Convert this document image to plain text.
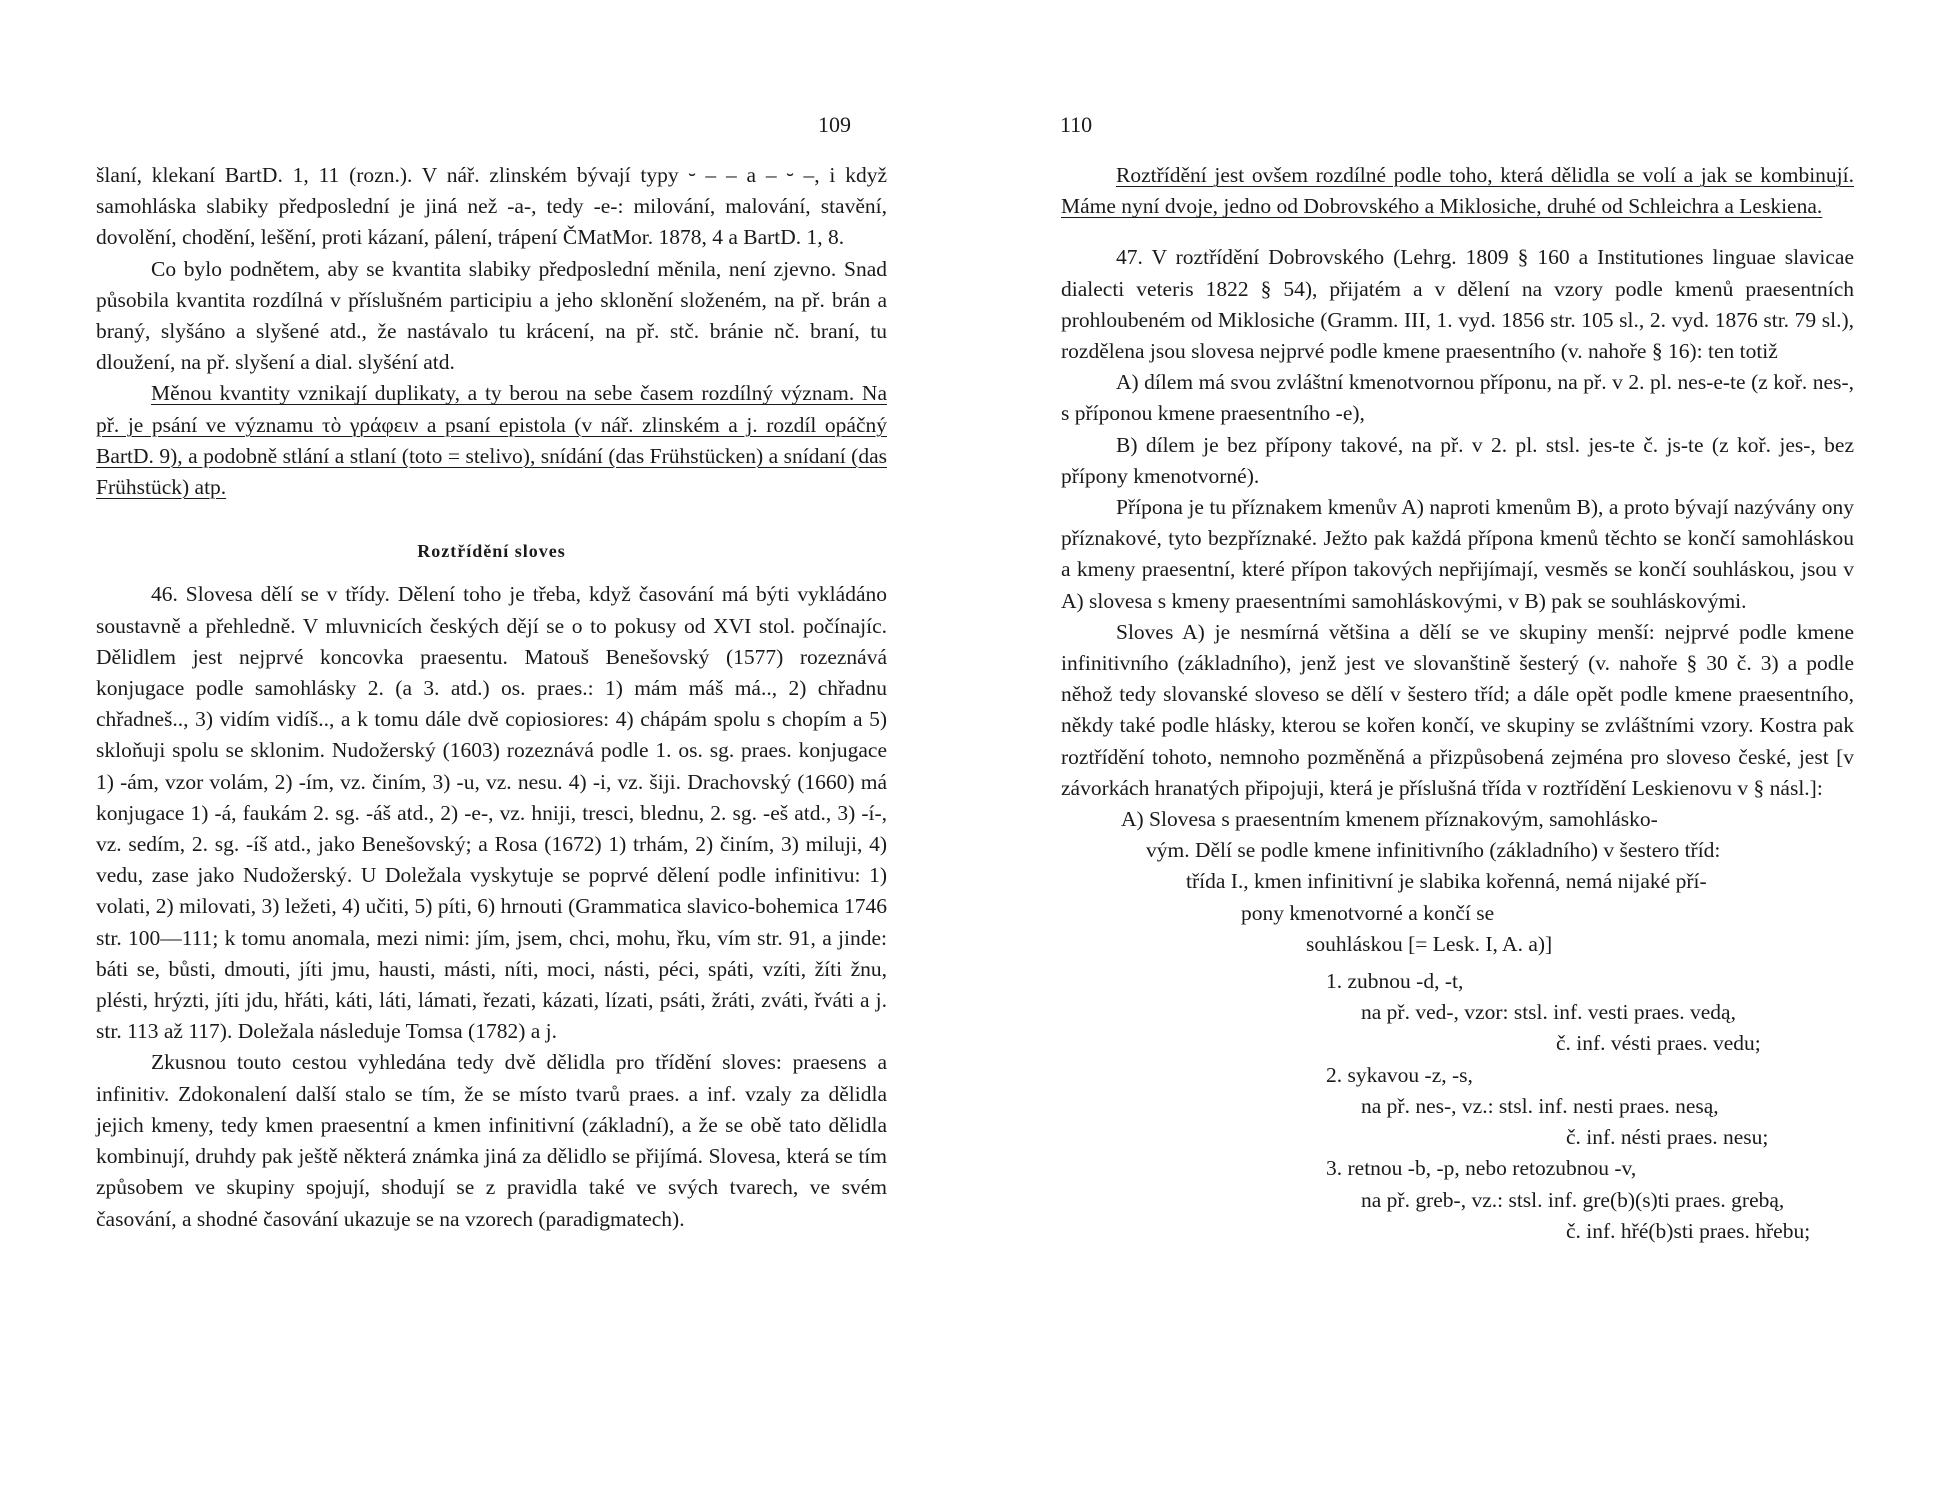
109

šlaní, klekaní BartD. 1, 11 (rozn.). V nář. zlinském bývají typy ⏑ – – a – ⏑ –, i když samohláska slabiky předposlední je jiná než -a-, tedy -e-: milování, malování, stavění, dovolění, chodění, lešění, proti kázaní, pálení, trápení ČMatMor. 1878, 4 a BartD. 1, 8.

Co bylo podnětem, aby se kvantita slabiky předposlední měnila, není zjevno. Snad působila kvantita rozdílná v příslušném participiu a jeho sklonění složeném, na př. brán a braný, slyšáno a slyšené atd., že nastávalo tu krácení, na př. stč. bránie nč. braní, tu dloužení, na př. slyšení a dial. slyšéní atd.

Měnou kvantity vznikají duplikaty, a ty berou na sebe časem rozdílný význam. Na př. je psání ve významu τὸ γράφειν a psaní epistola (v nář. zlinském a j. rozdíl opáčný BartD. 9), a podobně stlání a stlaní (toto = stelivo), snídání (das Frühstücken) a snídaní (das Frühstück) atp.

Roztřídění sloves

46. Slovesa dělí se v třídy. Dělení toho je třeba, když časování má býti vykládáno soustavně a přehledně. V mluvnicích českých dějí se o to pokusy od XVI stol. počínajíc. Dělidlem jest nejprvé koncovka praesentu. Matouš Benešovský (1577) rozeznává konjugace podle samohlásky 2. (a 3. atd.) os. praes.: 1) mám máš má.., 2) chřadnu chřadneš.., 3) vidím vidíš.., a k tomu dále dvě copiosiores: 4) chápám spolu s chopím a 5) skloňuji spolu se sklonim. Nudožerský (1603) rozeznává podle 1. os. sg. praes. konjugace 1) -ám, vzor volám, 2) -ím, vz. činím, 3) -u, vz. nesu. 4) -i, vz. šiji. Drachovský (1660) má konjugace 1) -á, faukám 2. sg. -áš atd., 2) -e-, vz. hniji, tresci, blednu, 2. sg. -eš atd., 3) -í-, vz. sedím, 2. sg. -íš atd., jako Benešovský; a Rosa (1672) 1) trhám, 2) činím, 3) miluji, 4) vedu, zase jako Nudožerský. U Doležala vyskytuje se poprvé dělení podle infinitivu: 1) volati, 2) milovati, 3) ležeti, 4) učiti, 5) píti, 6) hrnouti (Grammatica slavico-bohemica 1746 str. 100—111; k tomu anomala, mezi nimi: jím, jsem, chci, mohu, řku, vím str. 91, a jinde: báti se, bůsti, dmouti, jíti jmu, hausti, másti, níti, moci, násti, péci, spáti, vzíti, žíti žnu, plésti, hrýzti, jíti jdu, hřáti, káti, láti, lámati, řezati, kázati, lízati, psáti, žráti, zváti, řváti a j. str. 113 až 117). Doležala následuje Tomsa (1782) a j.

Zkusnou touto cestou vyhledána tedy dvě dělidla pro třídění sloves: praesens a infinitiv. Zdokonalení další stalo se tím, že se místo tvarů praes. a inf. vzaly za dělidla jejich kmeny, tedy kmen praesentní a kmen infinitivní (základní), a že se obě tato dělidla kombinují, druhdy pak ještě některá známka jiná za dělidlo se přijímá. Slovesa, která se tím způsobem ve skupiny spojují, shodují se z pravidla také ve svých tvarech, ve svém časování, a shodné časování ukazuje se na vzorech (paradigmatech).

110

Roztřídění jest ovšem rozdílné podle toho, která dělidla se volí a jak se kombinují. Máme nyní dvoje, jedno od Dobrovského a Miklosiche, druhé od Schleichra a Leskiena.

47. V roztřídění Dobrovského (Lehrg. 1809 § 160 a Institutiones linguae slavicae dialecti veteris 1822 § 54), přijatém a v dělení na vzory podle kmenů praesentních prohloubeném od Miklosiche (Gramm. III, 1. vyd. 1856 str. 105 sl., 2. vyd. 1876 str. 79 sl.), rozdělena jsou slovesa nejprvé podle kmene praesentního (v. nahoře § 16): ten totiž

A) dílem má svou zvláštní kmenotvornou příponu, na př. v 2. pl. nes-e-te (z koř. nes-, s příponou kmene praesentního -e),

B) dílem je bez přípony takové, na př. v 2. pl. stsl. jes-te č. js-te (z koř. jes-, bez přípony kmenotvorné).

Přípona je tu příznakem kmenův A) naproti kmenům B), a proto bývají nazývány ony příznakové, tyto bezpříznaké. Ježto pak každá přípona kmenů těchto se končí samohláskou a kmeny praesentní, které přípon takových nepřijímají, vesměs se končí souhláskou, jsou v A) slovesa s kmeny praesentními samohláskovými, v B) pak se souhláskovými.

Sloves A) je nesmírná většina a dělí se ve skupiny menší: nejprvé podle kmene infinitivního (základního), jenž jest ve slovanštině šesterý (v. nahoře § 30 č. 3) a podle něhož tedy slovanské sloveso se dělí v šestero tříd; a dále opět podle kmene praesentního, někdy také podle hlásky, kterou se kořen končí, ve skupiny se zvláštními vzory. Kostra pak roztřídění tohoto, nemnoho pozměněná a přizpůsobená zejména pro sloveso české, jest [v závorkách hranatých připojuji, která je příslušná třída v roztřídění Leskienovu v § násl.]:

A) Slovesa s praesentním kmenem příznakovým, samohlásko-
vým. Dělí se podle kmene infinitivního (základního) v šestero tříd:
třída I., kmen infinitivní je slabika kořenná, nemá nijaké pří-
pony kmenotvorné a končí se
souhláskou [= Lesk. I, A. a)]
1. zubnou -d, -t,
na př. ved-, vzor: stsl. inf. vesti praes. vedą,
č. inf. vésti praes. vedu;
2. sykavou -z, -s,
na př. nes-, vz.: stsl. inf. nesti praes. nesą,
č. inf. nésti praes. nesu;
3. retnou -b, -p, nebo retozubnou -v,
na př. greb-, vz.: stsl. inf. gre(b)(s)ti praes. grebą,
č. inf. hřé(b)sti praes. hřebu;
